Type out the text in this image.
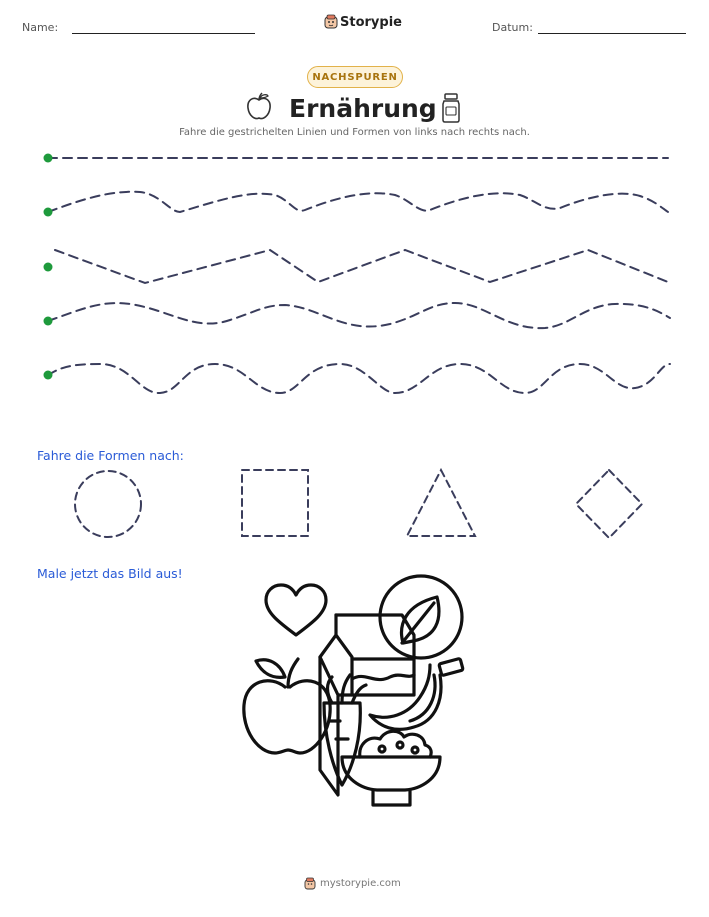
Name:	Storypie	Datum:
NACHSPUREN
Ernährung
Fahre die gestrichelten Linien und Formen von links nach rechts nach.
Fahre die Formen nach:
Male jetzt das Bild aus!
mystorypie.com
